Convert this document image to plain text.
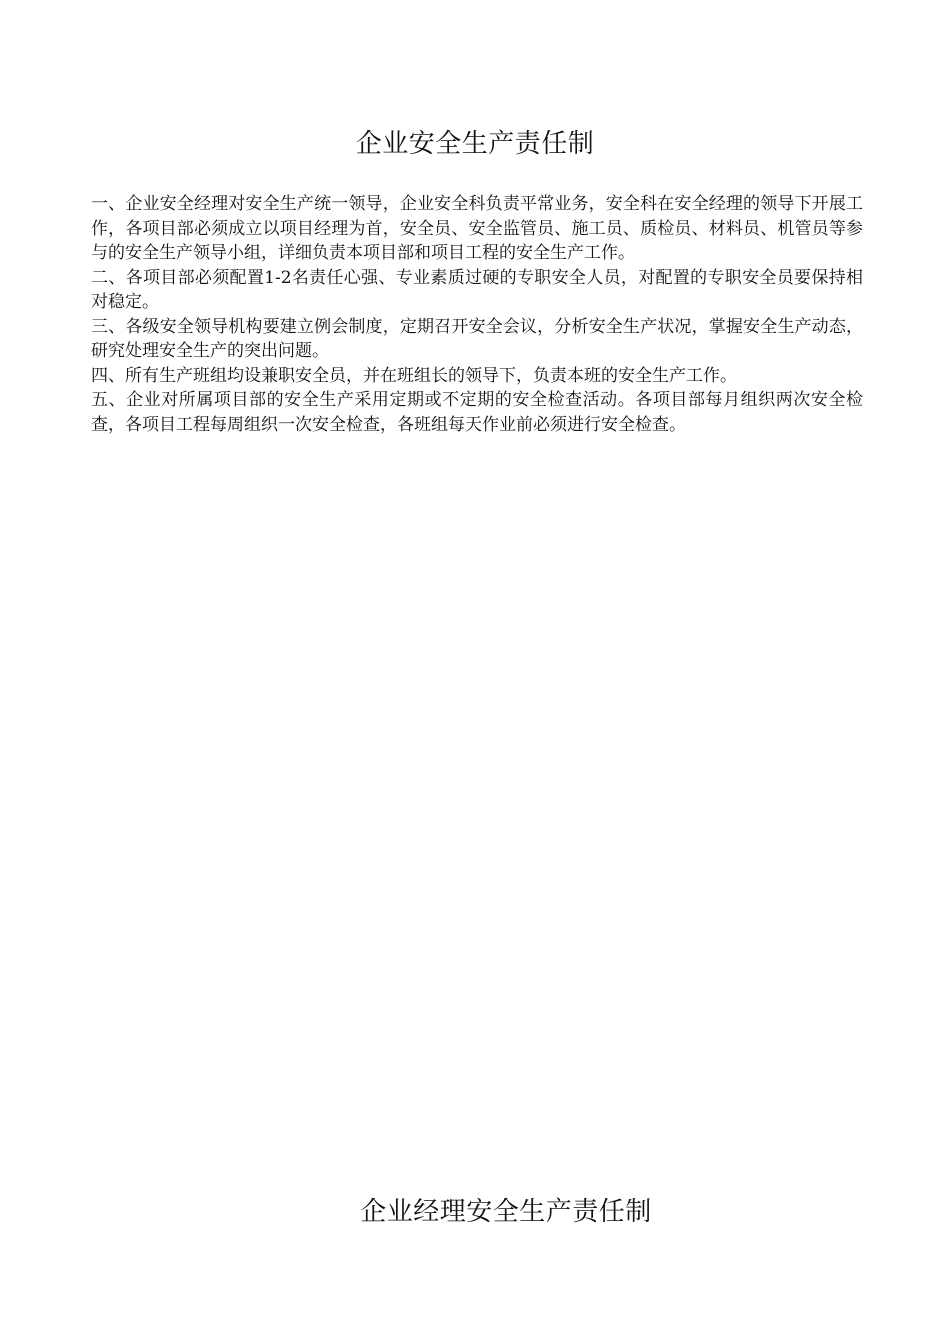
企业安全生产责任制

一、企业安全经理对安全生产统一领导，企业安全科负责平常业务，安全科在安全经理的领导下开展工作，各项目部必须成立以项目经理为首，安全员、安全监管员、施工员、质检员、材料员、机管员等参与的安全生产领导小组，详细负责本项目部和项目工程的安全生产工作。

二、各项目部必须配置1-2名责任心强、专业素质过硬的专职安全人员，对配置的专职安全员要保持相对稳定。

三、各级安全领导机构要建立例会制度，定期召开安全会议，分析安全生产状况，掌握安全生产动态，研究处理安全生产的突出问题。

四、所有生产班组均设兼职安全员，并在班组长的领导下，负责本班的安全生产工作。

五、企业对所属项目部的安全生产采用定期或不定期的安全检查活动。各项目部每月组织两次安全检查，各项目工程每周组织一次安全检查，各班组每天作业前必须进行安全检查。

企业经理安全生产责任制
